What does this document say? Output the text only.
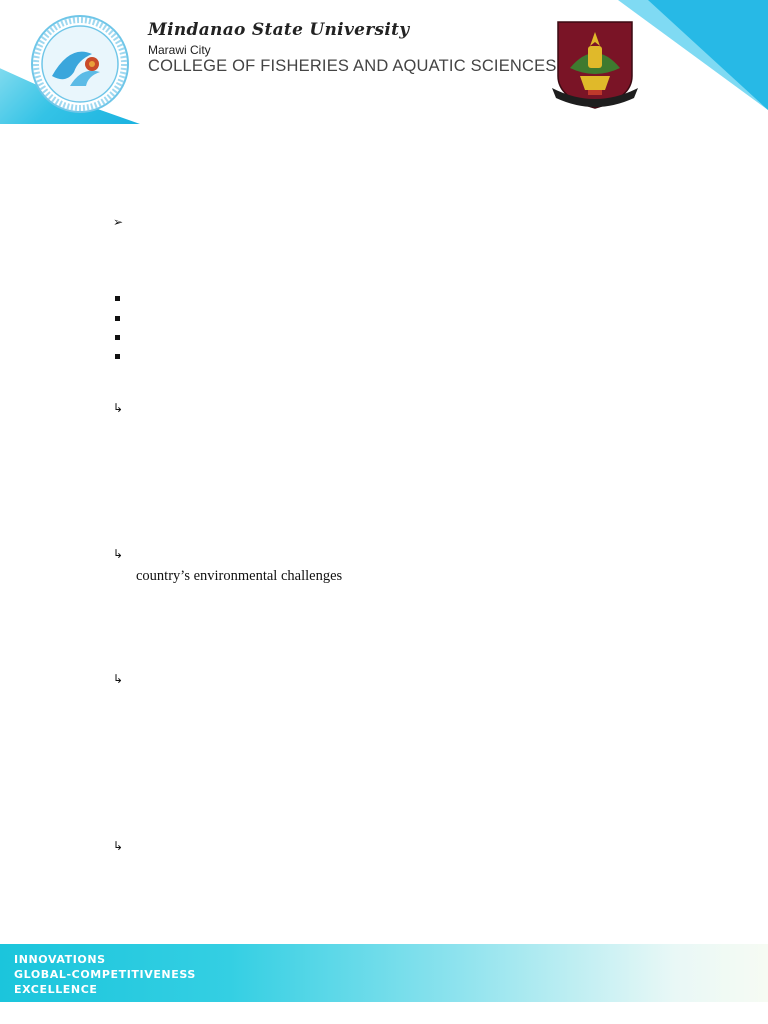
Mindanao State University
Marawi City
COLLEGE OF FISHERIES AND AQUATIC SCIENCES
➢
↳
↳
country’s environmental challenges
↳
↳
INNOVATIONS
GLOBAL-COMPETITIVENESS
EXCELLENCE
